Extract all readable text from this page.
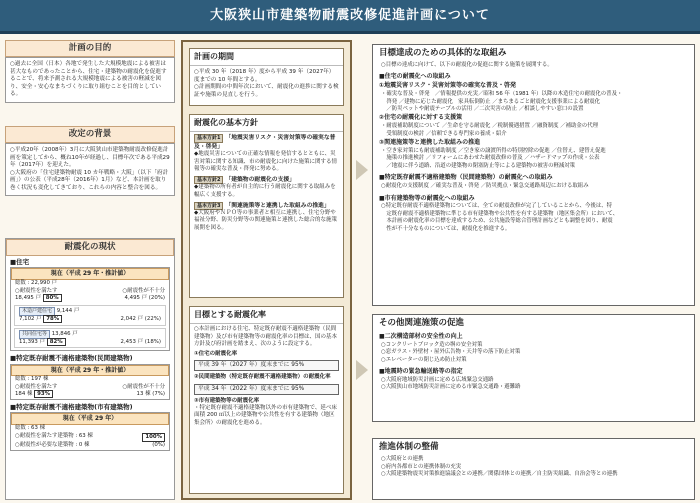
大阪狭山市建築物耐震改修促進計画について
計画の目的
○過去に全国（日本）各地で発生した大規模地震による被害は甚大なものであったことから、住宅・建築物の耐震化を促進することで、将来予測される大規模地震による被害の軽減を図り、安全・安心なまちづくりに取り組むことを目的としている。
改定の背景
○平成20年（2008年）3月に大阪狭山市建築物耐震改修促進計画を策定してから、概ね10年が経過し、目標年次である平成29年（2017年）を迎えた。
○大阪府の「住宅建築物耐震 10 カ年戦略・大阪」（以下「府計画」）の公表（平成28年（2016年）1月）など、本計画を取り巻く状況も変化してきており、これらの内容と整合を図る。
耐震化の現状
■住宅
現在（平成 29 年・推計値）
総数 : 22,990 戸
○耐震性を満たす	○耐震性が不十分
18,495 戸 80%	4,495 戸 (20%)
木造戸建住宅 9,144 戸
7,102 戸 78%	2,042 戸 (22%)
共同住宅等 13,846 戸
11,393 戸 82%	2,453 戸 (18%)
■特定既存耐震不適格建築物(民間建築物)
現在（平成 29 年・推計値）
総数 : 197 棟
○耐震性を満たす	○耐震性が不十分
184 棟 93%	13 棟 (7%)
■特定既存耐震不適格建築物(市有建築物)
現在（平成 29 年）
総数 : 63 棟
○耐震性を満たす建築物 : 63 棟	100%
○耐震性が必要な建築物 : 0 棟	(0%)
計画の期間
○平成 30 年（2018 年）度から平成 39 年（2027年）度までの 10 年間とする。
○計画期間の中間年次において、耐震化の進捗に関する検証や施策の見直しを行う。
耐震化の基本方針
基本方針1 「地震災害リスク・災害対策等の確実な普及・啓発」
◆地震災害についての正確な情報を発信するとともに、災害対策に関する知識、市の耐震化に向けた施策に関する情報等の確実な普及・啓発に努める。
基本方針2 「建築物の耐震化の支援」
◆建築物の所有者が自主的に行う耐震化に関する取組みを幅広く支援する。
基本方針3 「関連施策等と連携した取組みの推進」
◆大阪府やＮＰＯ等の事業者と相互に連携し、住宅分野や福祉分野、防災分野等の関連施策と連携した総合的な施策展開を図る。
目標とする耐震化率
○本計画における住宅、特定既存耐震不適格建築物（民間建築物）及び市有建築物等の耐震化率の目標は、国の基本方針及び府計画を踏まえ、次のように設定する。
①住宅の耐震化率
平成 39 年（2027 年）度末までに 95%
②民間建築物（特定既存耐震不適格建築物）の耐震化率
平成 34 年（2022 年）度末までに 95%
③市有建築物等の耐震化率
・特定既存耐震不適格建築物以外の市有建築物で、延べ床面積 200 ㎡以上の建築物や公共性を有する建築物（地区集会所）の耐震化を進める。
目標達成のための具体的な取組み
○目標の達成に向けて、以下の耐震化の促進に関する施策を展開する。
■住宅の耐震化への取組み
①地震災害リスク・災害対策等の確実な普及・啓発
・確実な普及・啓発　／情報提供の充実／昭和 56 年（1981 年）以降の木造住宅の耐震化の普及・
　啓発 ／建物に応じた耐震化　家具転倒防止 ／まちまるごと耐震化支援事業による耐震化
　／防災ペットや耐震テーブルの活用 ／二次災害の防止 ／相談しやすい窓口の設置
②住宅の耐震化に対する支援策
・耐震補助制度について ／生命を守る耐震化 ／税制優遇措置 ／融資制度 ／補助金の代理
　受領制度の検討 ／信頼できる専門家の養成・紹介
③関連施策等と連携した取組みの推進
・空き家対策にも耐震補助制度 ／空き家の譲渡所得の特別控除の促進 ／住替え、建替え促進
　施策の推進検討 ／リフォームにあわせた耐震改修の普及 ／ハザードマップの作成・公表
　／地震に伴う道路、沿道の建築物の閉塞防止等による建築物の被害の軽減対策
■特定既存耐震不適格建築物（民間建築物）の耐震化への取組み
○耐震化の支援制度 ／確実な普及・啓発 ／防災拠点・緊急交通路周辺における取組み
■市有建築物等の耐震化への取組み
○特定既存耐震不適格建築物については、全ての耐震改修が完了していることから、今後は、特
　定既存耐震不適格建築物に準じる市有建築物や公共性を有する建築物（地区集会所）において、
　本計画の耐震化率の目標を達成するため、公共施設等総合管理計画などとも調整を図り、耐震
　性が不十分なものについては、耐震化を推進する。
その他関連施策の促進
■二次構造部材の安全性の向上
○コンクリートブロック造の塀の安全対策
○窓ガラス・外壁材・屋外広告物・天井等の落下防止対策
○エレベーターの閉じ込め防止対策
■地震時の緊急輸送路等の指定
○大阪府地域防災計画に定める広域緊急交通路
○大阪狭山市地域防災計画に定める市緊急交通路・避難路
推進体制の整備
○大阪府との連携
○府内各都市との連携体制の充実
○大阪建築物震災対策推進協議会との連携／関係団体との連携／自主防災組織、自治会等との連携
